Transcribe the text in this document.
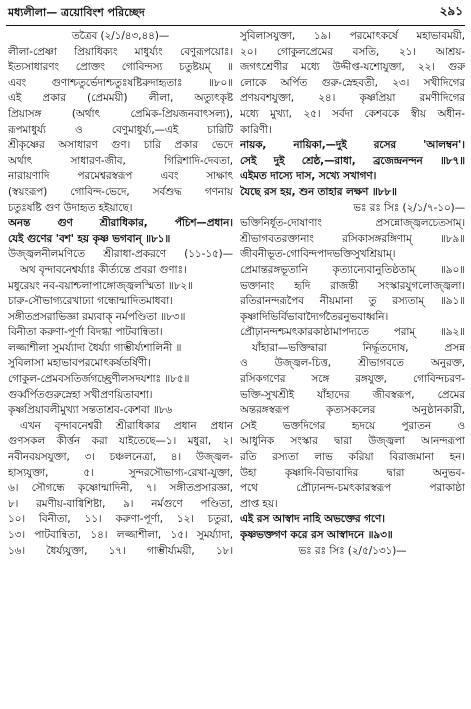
মধ্যলীলা— ত্রয়োবিংশ পরিচ্ছেদ	২৯১
তত্রৈব (২/১/৪৩,৪৪)—
লীলা-প্রেষ্ণা প্রিয়াধিক্যং মাধুর্য্যং বেণুরূপয়োঃ।
ইত্যসাধারণং প্রোক্তং গোবিন্দস্য চতুষ্টয়ম্ ॥
এবং গুণাশ্চতুর্ভেদাশ্চতুঃষষ্টিরুদাহৃতাঃ ॥৮০॥
এই প্রকার (প্রেমময়ী) লীলা, অত্যুৎকৃষ্ট
প্রিয়াসঙ্গ (অর্থাৎ প্রেমিক-প্রিয়জনবাৎসল্য),
রূপমাধুর্য্য ও বেণুমাধুর্য্য,—এই চারিটি
শ্রীকৃষ্ণের অসাধারণ গুণ। চারি প্রকার ভেদে
অর্থাৎ সাধারণ-জীব, গিরিশাদি-দেবতা,
নারায়ণাদি পরমেশ্বরস্বরূপ এবং সাক্ষাৎ
(স্বয়ংরূপ) গোবিন্দ-ভেদে, সর্বশুদ্ধ গণনায়
চতুঃষষ্টি গুণ উদাহৃত হইয়াছে।
অনন্ত গুণ শ্রীরাধিকার, পঁচিশ—প্রধান।
যেই গুণের 'বশ' হয় কৃষ্ণ ভগবান্ ॥৮১॥
উজ্জ্বলনীলমণিতে শ্রীরাধা-প্রকরণে (১১-১৫)—
অথ বৃন্দাবনেশ্বর্য্যাঃ কীর্ত্যন্তে প্রবরা গুণাঃ।
মধুরেয়ং নব-বয়াশ্চলাপাঙ্গোজ্জ্বলস্মিতা ॥৮২॥
চারু-সৌভাগ্যরেখাঢ্যা গন্ধোন্মাদিতমাধবা।
সঙ্গীতপ্রসরাভিজ্ঞা রম্যবাক্ নর্মপণ্ডিতা ॥৮৩॥
বিনীতা করুণা-পূর্ণা বিদগ্ধা পাটবান্বিতা।
লজ্জাশীলা সুমর্য্যাদা ধৈর্য্যা গাম্ভীর্য্যশালিনী ॥
সুবিলাসা মহাভাবপরমোৎকর্ষতর্ষিণী।
গোকুল-প্রেমবসতির্জগচ্ছ্রেণীলসদযশাঃ ॥৮৫॥
গুর্ব্বর্পিতগুরুস্নেহা সখীপ্রণয়িতাবশা।
কৃষ্ণপ্রিয়াবলীমুখ্যা সন্ততাশ্রব-কেশবা ॥৮৬
এখন বৃন্দাবনেশ্বরী শ্রীরাধিকার প্রধান প্রধান
গুণসকল কীর্ত্তন করা যাইতেছে—১। মধুরা, ২।
নবীনবয়সযুক্তা, ৩। চঞ্চলনেত্রা, ৪। উজ্জ্বল-
হাস্যযুক্তা, ৫। সুন্দরসৌভাগ্য-রেখা-যুক্তা,
৬। সৌগন্ধে কৃষ্ণোন্মাদিনী, ৭। সঙ্গীতপ্রসারজ্ঞা,
৮। রমণীয়-বাগ্বিশিষ্টা, ৯। নর্মগুণে পণ্ডিতা,
১০। বিনীতা, ১১। করুণা-পূর্ণা, ১২। চতুরা,
১৩। পাটবান্বিতা, ১৪। লজ্জাশীলা, ১৫। সুমর্য্যাদা,
১৬। ধৈর্য্যযুক্তা, ১৭। গাম্ভীর্য্যময়ী, ১৮।
সুবিলাসযুক্তা, ১৯। পরমোৎকর্ষে মহাভাবময়ী,
২০। গোকুলপ্রেমের বসতি, ২১। আশ্রয়-
জগৎশ্রেণীর মধ্যে উদ্দীপ্ত-যশোযুক্তা, ২২। গুরু
লোকে অর্পিত গুরু-স্নেহবতী, ২৩। সখীদিগের
প্রণয়বশযুক্তা, ২৪। কৃষ্ণপ্রিয়া রমণীদিগের
মধ্যে মুখ্যা, ২৫। সর্বদা কেশবকে স্বীয় অধীন-
কারিণী।
নায়ক, নায়িকা,—দুই রসের 'আলম্বন'।
সেই দুই শ্রেষ্ঠ,—রাধা, ব্রজেন্দ্রনন্দন ॥৮৭॥
এইমত দাস্যে দাস, সখ্যে সখাগণ।
যৈছে রস হয়, শুন তাহার লক্ষণ ॥৮৮॥
ভঃ রঃ সিঃ (২/১/৭-১০)—
ভক্তিনির্ধূত-দোষাণাং প্রসন্নোজ্জ্বলচেতসাম্।
শ্রীভাগবতরক্তানাং রসিকাসঙ্গরঙ্গিণাম্ ॥৮৯॥
জীবনীভূত-গোবিন্দপাদভক্তিসুখশ্রিয়াম্।
প্রেমান্তরঙ্গভূতানি কৃত্যান্যেবানুতিষ্ঠতাম্ ॥৯০॥
ভক্তানাং হৃদি রাজন্তী সংস্কারযুগলোজ্জ্বলা।
রতিরানন্দরূপৈব নীয়মানা তু রস্যতাম্ ॥৯১॥
কৃষ্ণাদিভির্বিভাবাদ্যৈর্গতৈরনুভবাধ্বনি।
প্রৌঢ়ানন্দশ্চমৎকারকাষ্ঠামাপদ্যতে পরাম্ ॥৯২॥
যাঁহারা—ভক্তিদ্বারা নির্দ্ধূতদোষ, প্রসন্ন
ও উজ্জ্বল-চিত্ত, শ্রীভাগবতে অনুরক্ত,
রসিকগণের সঙ্গে রঙ্গযুক্ত, গোবিন্দচরণ-
ভক্তি-সুখশ্রীই যাঁহাদের জীবস্বরূপ, প্রেমের
অন্তরঙ্গস্বরূপ কৃত্যসকলের অনুষ্ঠানকারী,
সেই ভক্তদিগের হৃদয়ে পুরাতন ও
আধুনিক সংস্কার দ্বারা উজ্জ্বলা আনন্দরূপা
রতি রস্যতা লাভ করিয়া বিরাজমানা হন।
উহা কৃষ্ণাদি-বিভাবাদির দ্বারা অনুভব-
পথে প্রৌঢ়ানন্দ-চমৎকারস্বরূপ পরাকাষ্ঠা
প্রাপ্ত হয়।
এই রস আস্বাদ নাহি অভক্তের গণে।
কৃষ্ণভক্তগণ করে রস আস্বাদনে ॥৯৩॥
ভঃ রঃ সিঃ (২/৫/১৩১)—
